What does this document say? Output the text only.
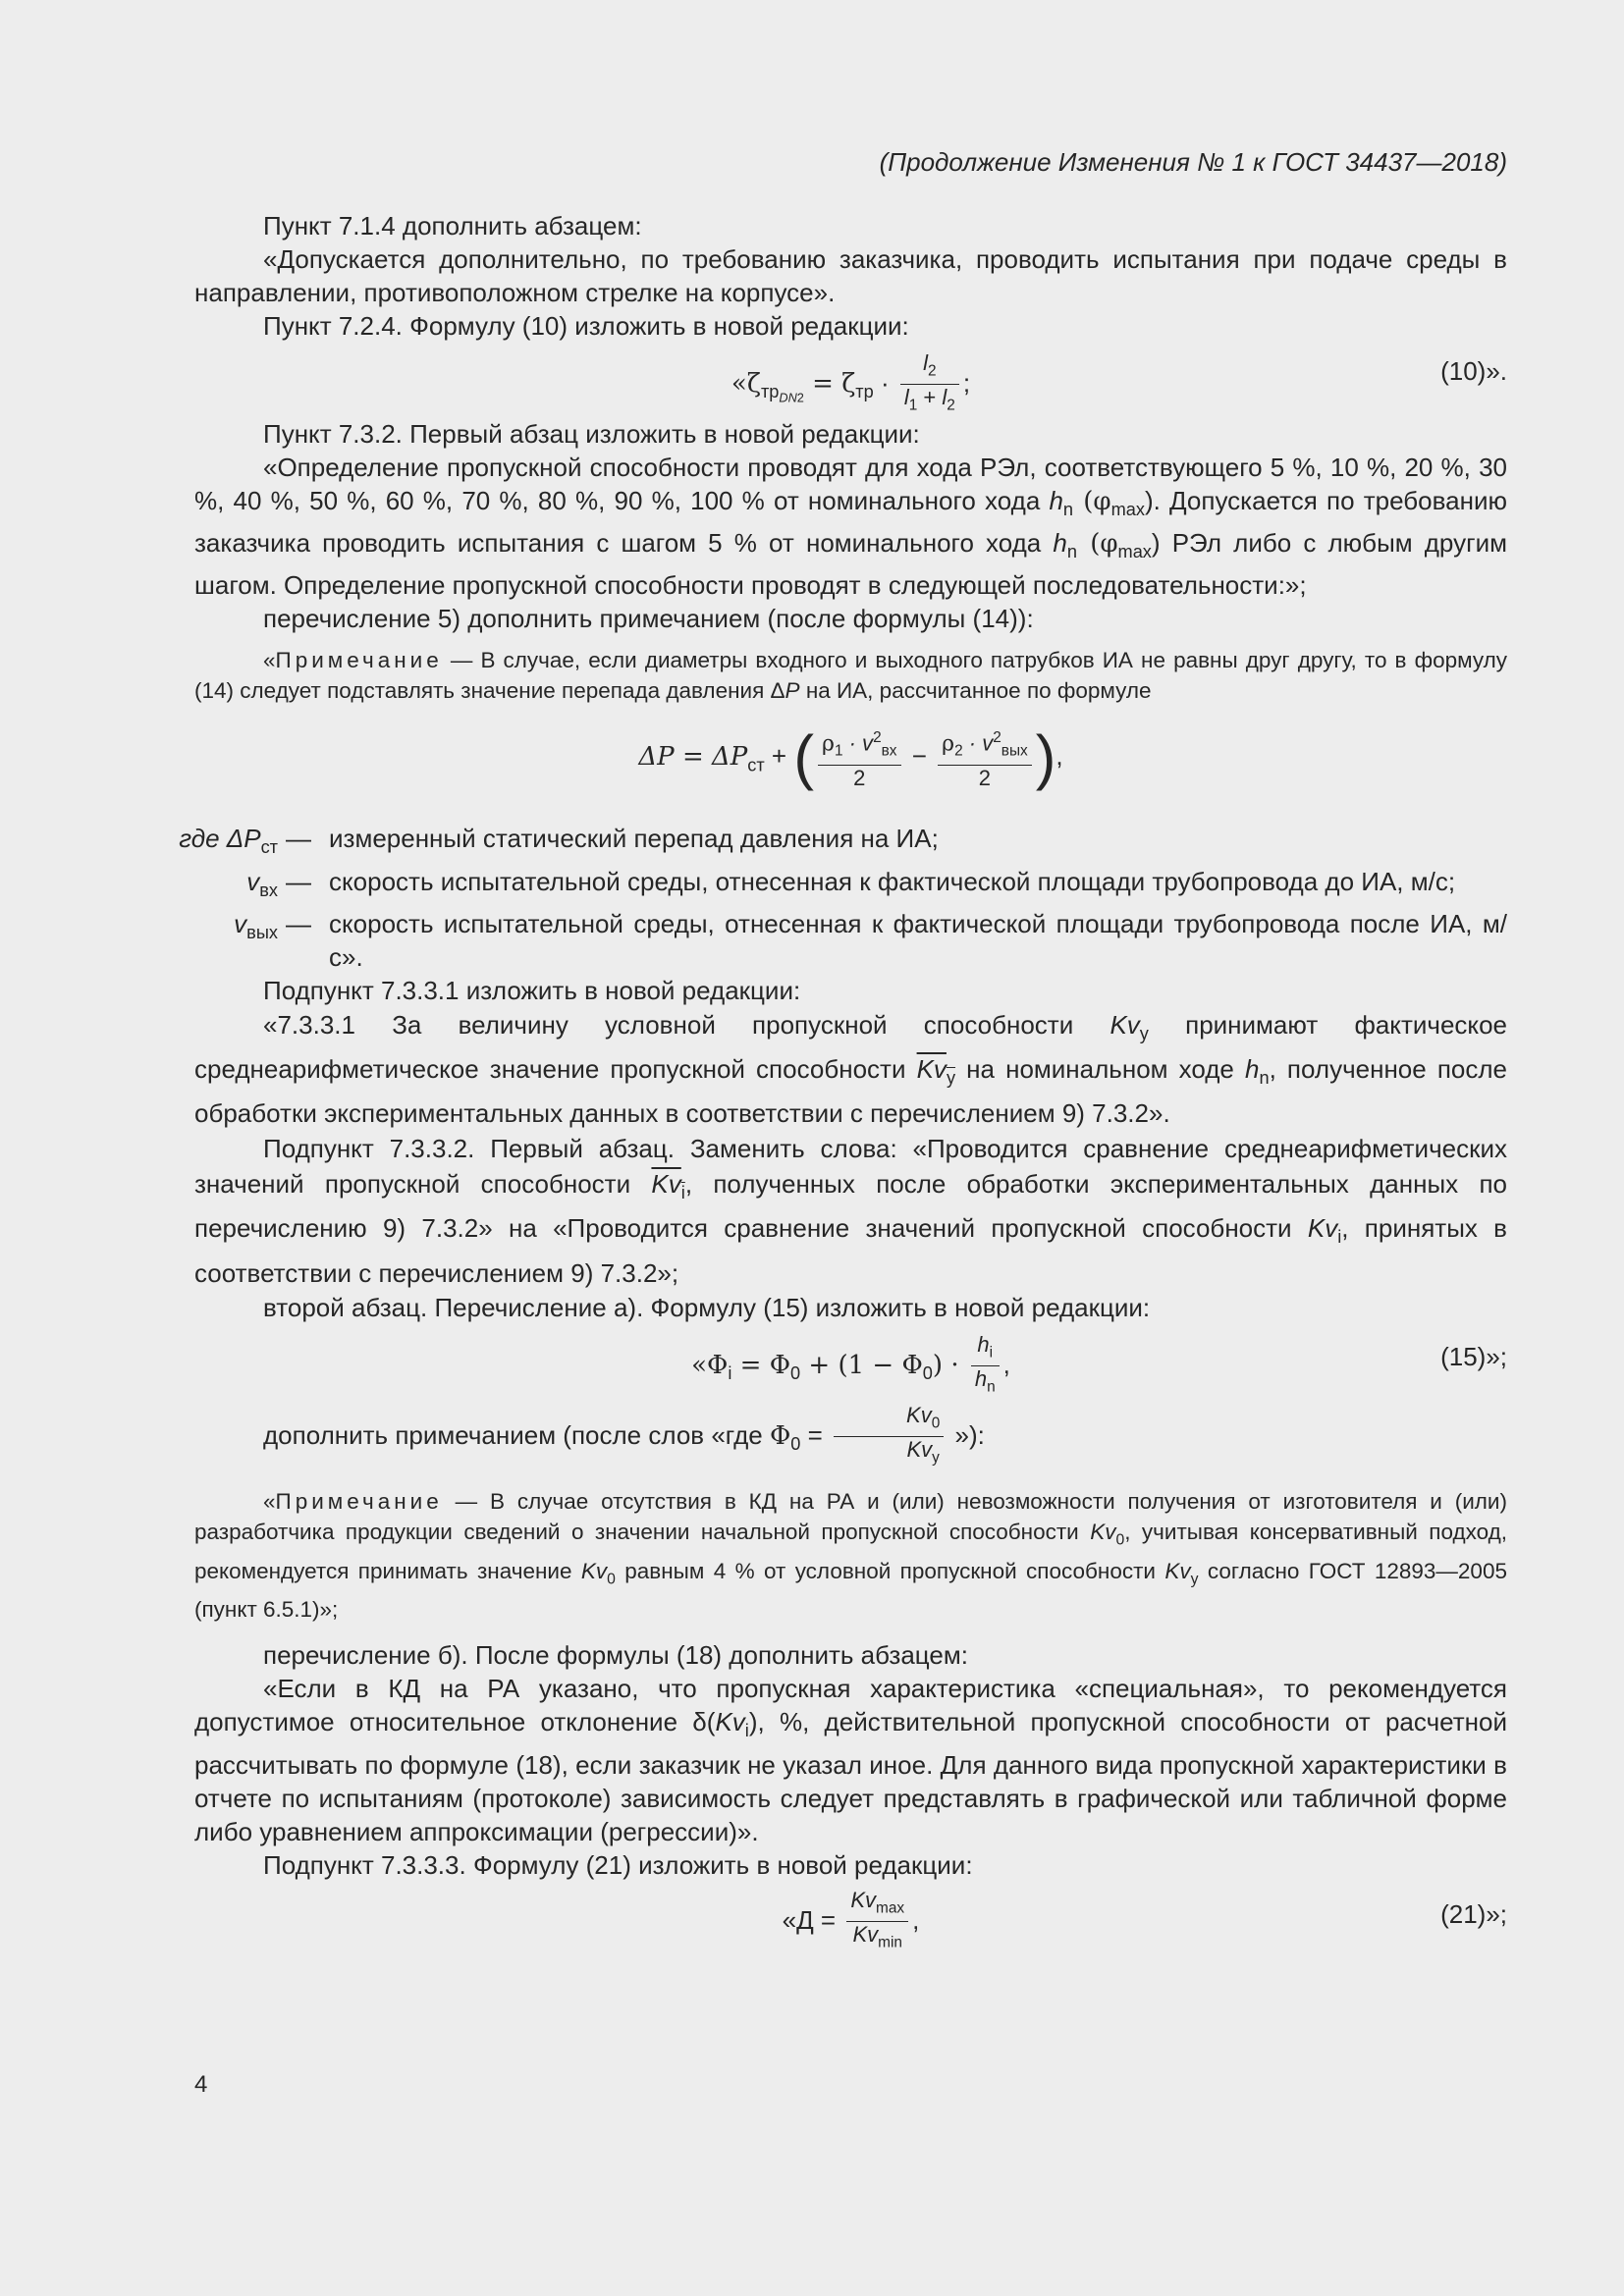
(Продолжение Изменения № 1 к ГОСТ 34437—2018)

Пункт 7.1.4 дополнить абзацем:

«Допускается дополнительно, по требованию заказчика, проводить испытания при подаче среды в направлении, противоположном стрелке на корпусе».

Пункт 7.2.4. Формулу (10) изложить в новой редакции:

«$\zeta_{тр_{DN2}} = \zeta_{тр} \cdot \frac{l_2}{l_1 + l_2}$ ;	(10)».

Пункт 7.3.2. Первый абзац изложить в новой редакции:

«Определение пропускной способности проводят для хода РЭл, соответствующего 5 %, 10 %, 20 %, 30 %, 40 %, 50 %, 60 %, 70 %, 80 %, 90 %, 100 % от номинального хода $h_n$ $(\varphi_{max})$. Допускается по требованию заказчика проводить испытания с шагом 5 % от номинального хода $h_n$ $(\varphi_{max})$ РЭл либо с любым другим шагом. Определение пропускной способности проводят в следующей последовательности:»;

перечисление 5) дополнить примечанием (после формулы (14)):

«Примечание — В случае, если диаметры входного и выходного патрубков ИА не равны друг другу, то в формулу (14) следует подставлять значение перепада давления ΔP на ИА, рассчитанное по формуле

$\Delta P = \Delta P_{ст}$ + ( $\frac{\rho_1 \cdot v^2_{вх}}{2} - \frac{\rho_2 \cdot v^2_{вых}}{2}$ ),
где $\Delta P_{ст}$ — измеренный статический перепад давления на ИА;
$v_{вх}$ — скорость испытательной среды, отнесенная к фактической площади трубопровода до ИА, м/с;
$v_{вых}$ — скорость испытательной среды, отнесенная к фактической площади трубопровода после ИА, м/с».

Подпункт 7.3.3.1 изложить в новой редакции:

«7.3.3.1 За величину условной пропускной способности $Kv_y$ принимают фактическое среднеарифметическое значение пропускной способности $\overline{Kv}_{\overline{y}}$ на номинальном ходе $h_n$, полученное после обработки экспериментальных данных в соответствии с перечислением 9) 7.3.2».

Подпункт 7.3.3.2. Первый абзац. Заменить слова: «Проводится сравнение среднеарифметических значений пропускной способности $\overline{Kv}_{\overline{i}}$, полученных после обработки экспериментальных данных по перечислению 9) 7.3.2» на «Проводится сравнение значений пропускной способности $Kv_i$, принятых в соответствии с перечислением 9) 7.3.2»;

второй абзац. Перечисление а). Формулу (15) изложить в новой редакции:

«$\Phi_i = \Phi_0 + (1 - \Phi_0) \cdot \frac{h_i}{h_n}$ ,	(15)»;

дополнить примечанием (после слов «где $\Phi_0 = \frac{Kv_0}{Kv_y}$ »):

«Примечание — В случае отсутствия в КД на РА и (или) невозможности получения от изготовителя и (или) разработчика продукции сведений о значении начальной пропускной способности $Kv_0$, учитывая консервативный подход, рекомендуется принимать значение $Kv_0$ равным 4 % от условной пропускной способности $Kv_y$ согласно ГОСТ 12893—2005 (пункт 6.5.1)»;

перечисление б). После формулы (18) дополнить абзацем:

«Если в КД на РА указано, что пропускная характеристика «специальная», то рекомендуется допустимое относительное отклонение $\delta(Kv_i)$, %, действительной пропускной способности от расчетной рассчитывать по формуле (18), если заказчик не указал иное. Для данного вида пропускной характеристики в отчете по испытаниям (протоколе) зависимость следует представлять в графической или табличной форме либо уравнением аппроксимации (регрессии)».

Подпункт 7.3.3.3. Формулу (21) изложить в новой редакции:

«$Д = \frac{Kv_{max}}{Kv_{min}}$ ,	(21)»;
4
